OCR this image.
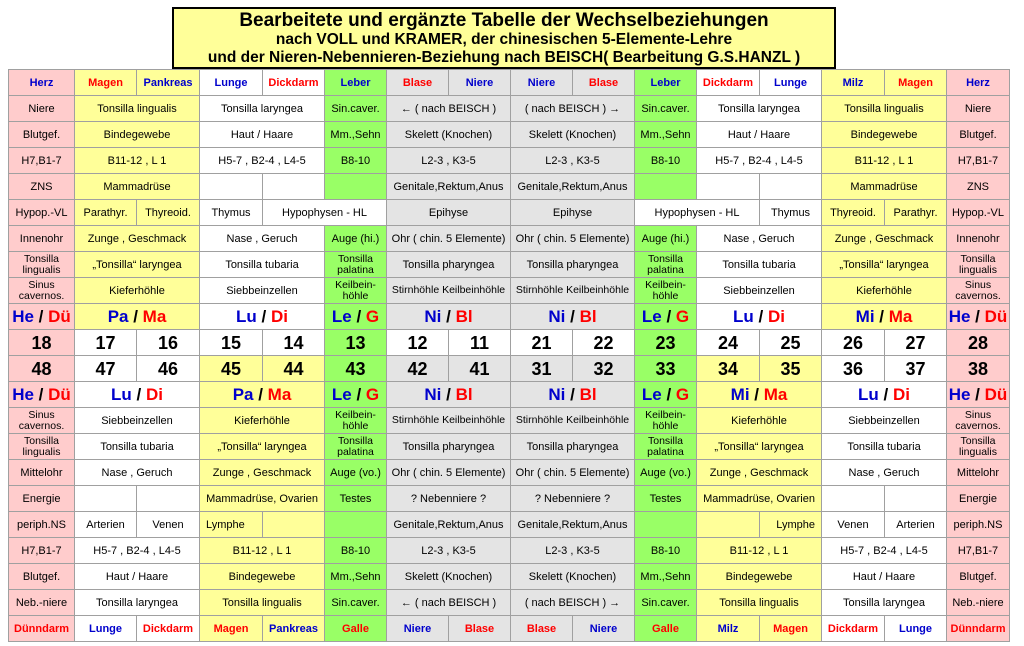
Bearbeitete und ergänzte Tabelle der Wechselbeziehungen
nach VOLL und KRAMER, der chinesischen 5-Elemente-Lehre
und der Nieren-Nebennieren-Beziehung nach BEISCH( Bearbeitung G.S.HANZL )
Herz	Magen	Pankreas	Lunge	Dickdarm	Leber	Blase	Niere	Niere	Blase	Leber	Dickdarm	Lunge	Milz	Magen	Herz
Niere	Tonsilla lingualis		Tonsilla laryngea		Sin.caver.	← ( nach BEISCH )		( nach BEISCH ) →		Sin.caver.	Tonsilla laryngea		Tonsilla lingualis		Niere
Blutgef.	Bindegewebe		Haut / Haare		Mm.,Sehn	Skelett (Knochen)		Skelett (Knochen)		Mm.,Sehn	Haut / Haare		Bindegewebe		Blutgef.
H7,B1-7	B11-12 , L 1		H5-7 , B2-4 , L4-5		B8-10	L2-3 , K3-5		L2-3 , K3-5		B8-10	H5-7 , B2-4 , L4-5		B11-12 , L 1		H7,B1-7
ZNS	Mammadrüse					Genitale,Rektum,Anus		Genitale,Rektum,Anus					Mammadrüse		ZNS
Hypop.-VL	Parathyr.	Thyreoid.	Thymus	Hypophysen - HL		Epihyse		Epihyse		Hypophysen - HL		Thymus	Thyreoid.	Parathyr.	Hypop.-VL
Innenohr	Zunge , Geschmack		Nase , Geruch		Auge (hi.)	Ohr ( chin. 5 Elemente)		Ohr ( chin. 5 Elemente)		Auge (hi.)	Nase , Geruch		Zunge , Geschmack		Innenohr
Tonsilla lingualis	„Tonsilla“ laryngea		Tonsilla tubaria		Tonsilla palatina	Tonsilla pharyngea		Tonsilla pharyngea		Tonsilla palatina	Tonsilla tubaria		„Tonsilla“ laryngea		Tonsilla lingualis
Sinus cavernos.	Kieferhöhle		Siebbeinzellen		Keilbein-höhle	Stirnhöhle Keilbeinhöhle		Stirnhöhle Keilbeinhöhle		Keilbein-höhle	Siebbeinzellen		Kieferhöhle		Sinus cavernos.
He / Dü	Pa / Ma		Lu / Di		Le / G	Ni / Bl		Ni / Bl		Le / G	Lu / Di		Mi / Ma		He / Dü
18	17	16	15	14	13	12	11	21	22	23	24	25	26	27	28
48	47	46	45	44	43	42	41	31	32	33	34	35	36	37	38
He / Dü	Lu / Di		Pa / Ma		Le / G	Ni / Bl		Ni / Bl		Le / G	Mi / Ma		Lu / Di		He / Dü
Sinus cavernos.	Siebbeinzellen		Kieferhöhle		Keilbein-höhle	Stirnhöhle Keilbeinhöhle		Stirnhöhle Keilbeinhöhle		Keilbein-höhle	Kieferhöhle		Siebbeinzellen		Sinus cavernos.
Tonsilla lingualis	Tonsilla tubaria		„Tonsilla“ laryngea		Tonsilla palatina	Tonsilla pharyngea		Tonsilla pharyngea		Tonsilla palatina	„Tonsilla“ laryngea		Tonsilla tubaria		Tonsilla lingualis
Mittelohr	Nase , Geruch		Zunge , Geschmack		Auge (vo.)	Ohr ( chin. 5 Elemente)		Ohr ( chin. 5 Elemente)		Auge (vo.)	Zunge , Geschmack		Nase , Geruch		Mittelohr
Energie			Mammadrüse, Ovarien		Testes	? Nebenniere ?		? Nebenniere ?		Testes	Mammadrüse, Ovarien				Energie
periph.NS	Arterien	Venen	Lymphe			Genitale,Rektum,Anus		Genitale,Rektum,Anus				Lymphe	Venen	Arterien	periph.NS
H7,B1-7	H5-7 , B2-4 , L4-5		B11-12 , L 1		B8-10	L2-3 , K3-5		L2-3 , K3-5		B8-10	B11-12 , L 1		H5-7 , B2-4 , L4-5		H7,B1-7
Blutgef.	Haut / Haare		Bindegewebe		Mm.,Sehn	Skelett (Knochen)		Skelett (Knochen)		Mm.,Sehn	Bindegewebe		Haut / Haare		Blutgef.
Neb.-niere	Tonsilla laryngea		Tonsilla lingualis		Sin.caver.	← ( nach BEISCH )		( nach BEISCH ) →		Sin.caver.	Tonsilla lingualis		Tonsilla laryngea		Neb.-niere
Dünndarm	Lunge	Dickdarm	Magen	Pankreas	Galle	Niere	Blase	Blase	Niere	Galle	Milz	Magen	Dickdarm	Lunge	Dünndarm
